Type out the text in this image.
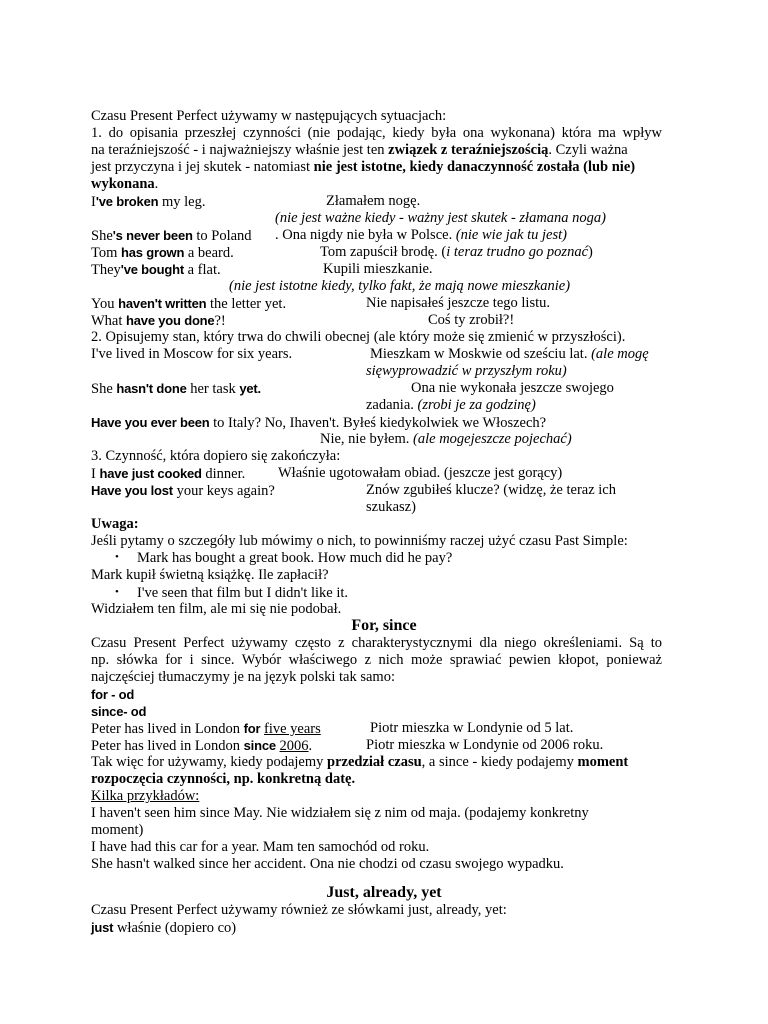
Czasu Present Perfect używamy w następujących sytuacjach:
1. do opisania przeszłej czynności (nie podając, kiedy była ona wykonana) która ma wpływ
na teraźniejszość - i najważniejszy właśnie jest ten związek z teraźniejszością. Czyli ważna
jest przyczyna i jej skutek - natomiast nie jest istotne, kiedy danaczynność została (lub nie)
wykonana.
I've broken my leg.	Złamałem nogę.
(nie jest ważne kiedy - ważny jest skutek - złamana noga)
She's never been to Poland . Ona nigdy nie była w Polsce. (nie wie jak tu jest)
Tom has grown a beard.	Tom zapuścił brodę. (i teraz trudno go poznać)
They've bought a flat.	Kupili mieszkanie.
(nie jest istotne kiedy, tylko fakt, że mają nowe mieszkanie)
You haven't written the letter yet.	Nie napisałeś jeszcze tego listu.
What have you done?!	Coś ty zrobił?!
2. Opisujemy stan, który trwa do chwili obecnej (ale który może się zmienić w przyszłości).
I've lived in Moscow for six years.	Mieszkam w Moskwie od sześciu lat. (ale mogę
sięwyprowadzić w przyszłym roku)
She hasn't done her task yet.	Ona nie wykonała jeszcze swojego
zadania. (zrobi je za godzinę)
Have you ever been to Italy? No, Ihaven't. Byłeś kiedykolwiek we Włoszech?
Nie, nie byłem. (ale mogejeszcze pojechać)
3. Czynność, która dopiero się zakończyła:
I have just cooked dinner. Właśnie ugotowałam obiad. (jeszcze jest gorący)
Have you lost your keys again?	Znów zgubiłeś klucze? (widzę, że teraz ich
szukasz)
Uwaga:
Jeśli pytamy o szczegóły lub mówimy o nich, to powinniśmy raczej użyć czasu Past Simple:
• Mark has bought a great book. How much did he pay?
Mark kupił świetną książkę. Ile zapłacił?
• I've seen that film but I didn't like it.
Widziałem ten film, ale mi się nie podobał.
For, since
Czasu Present Perfect używamy często z charakterystycznymi dla niego określeniami. Są to
np. słówka for i since. Wybór właściwego z nich może sprawiać pewien kłopot, ponieważ
najczęściej tłumaczymy je na język polski tak samo:
for - od
since- od
Peter has lived in London for five years	Piotr mieszka w Londynie od 5 lat.
Peter has lived in London since 2006.	Piotr mieszka w Londynie od 2006 roku.
Tak więc for używamy, kiedy podajemy przedział czasu, a since - kiedy podajemy moment
rozpoczęcia czynności, np. konkretną datę.
Kilka przykładów:
I haven't seen him since May. Nie widziałem się z nim od maja. (podajemy konkretny
moment)
I have had this car for a year. Mam ten samochód od roku.
She hasn't walked since her accident. Ona nie chodzi od czasu swojego wypadku.
Just, already, yet
Czasu Present Perfect używamy również ze słówkami just, already, yet:
just właśnie (dopiero co)
